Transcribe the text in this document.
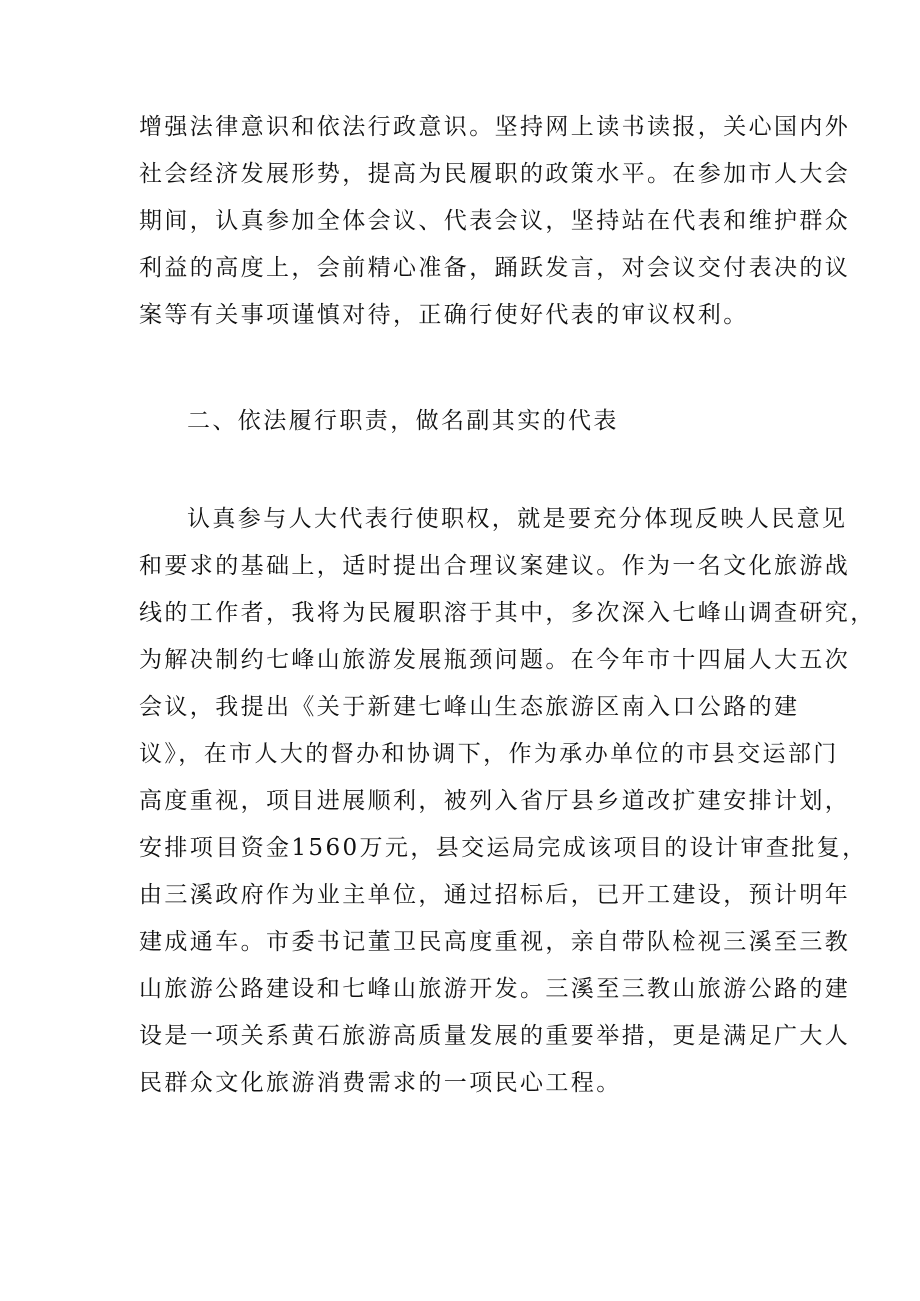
增强法律意识和依法行政意识。坚持网上读书读报，关心国内外
社会经济发展形势，提高为民履职的政策水平。在参加市人大会
期间，认真参加全体会议、代表会议，坚持站在代表和维护群众
利益的高度上，会前精心准备，踊跃发言，对会议交付表决的议
案等有关事项谨慎对待，正确行使好代表的审议权利。
二、依法履行职责，做名副其实的代表
认真参与人大代表行使职权，就是要充分体现反映人民意见
和要求的基础上，适时提出合理议案建议。作为一名文化旅游战
线的工作者，我将为民履职溶于其中，多次深入七峰山调查研究，
为解决制约七峰山旅游发展瓶颈问题。在今年市十四届人大五次
会议，我提出《关于新建七峰山生态旅游区南入口公路的建
议》，在市人大的督办和协调下，作为承办单位的市县交运部门
高度重视，项目进展顺利，被列入省厅县乡道改扩建安排计划，
安排项目资金1560万元，县交运局完成该项目的设计审查批复，
由三溪政府作为业主单位，通过招标后，已开工建设，预计明年
建成通车。市委书记董卫民高度重视，亲自带队检视三溪至三教
山旅游公路建设和七峰山旅游开发。三溪至三教山旅游公路的建
设是一项关系黄石旅游高质量发展的重要举措，更是满足广大人
民群众文化旅游消费需求的一项民心工程。
